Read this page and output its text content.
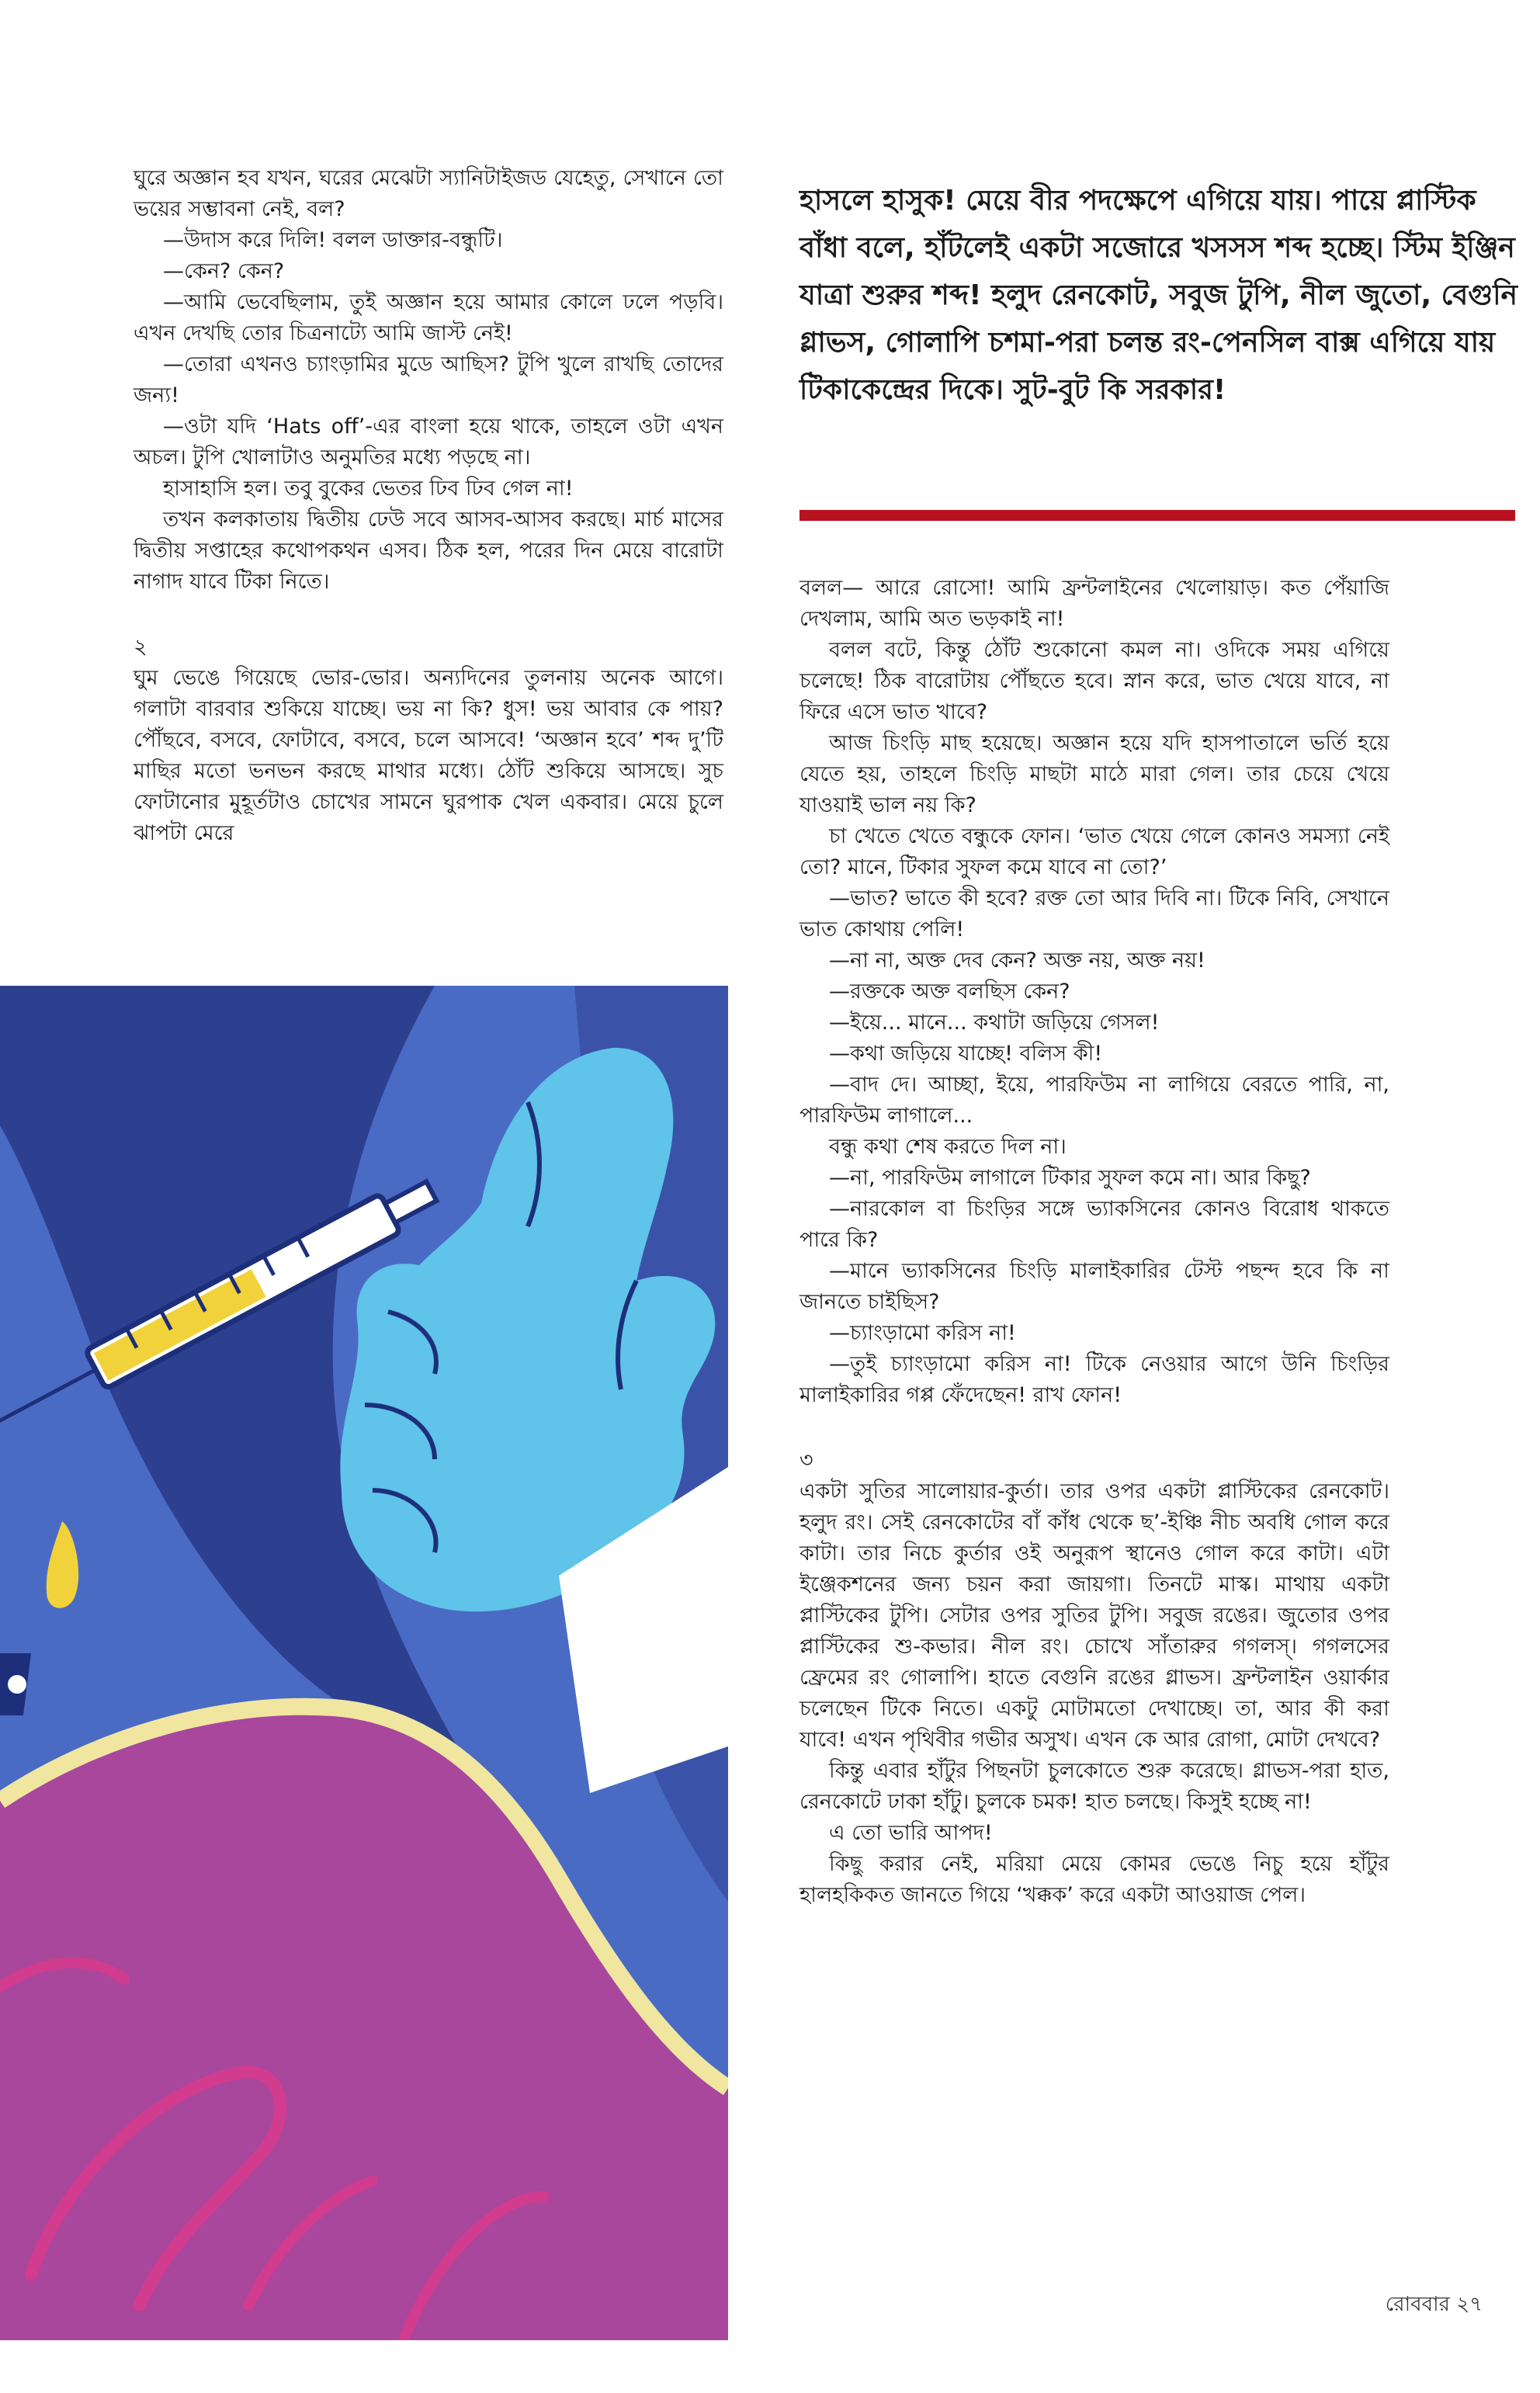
হাসলে হাসুক! মেয়ে বীর পদক্ষেপে এগিয়ে যায়। পায়ে প্লাস্টিক বাঁধা বলে, হাঁটলেই একটা সজোরে খসসস শব্দ হচ্ছে। স্টিম ইঞ্জিন যাত্রা শুরুর শব্দ! হলুদ রেনকোট, সবুজ টুপি, নীল জুতো, বেগুনি গ্লাভস, গোলাপি চশমা-পরা চলন্ত রং-পেনসিল বাক্স এগিয়ে যায় টিকাকেন্দ্রের দিকে। সুট-বুট কি সরকার!

ঘুরে অজ্ঞান হব যখন, ঘরের মেঝেটা স্যানিটাইজড যেহেতু, সেখানে তো ভয়ের সম্ভাবনা নেই, বল?

—উদাস করে দিলি! বলল ডাক্তার-বন্ধুটি।

—কেন? কেন?

—আমি ভেবেছিলাম, তুই অজ্ঞান হয়ে আমার কোলে ঢলে পড়বি। এখন দেখছি তোর চিত্রনাট্যে আমি জাস্ট নেই!

—তোরা এখনও চ্যাংড়ামির মুডে আছিস? টুপি খুলে রাখছি তোদের জন্য!

—ওটা যদি ‘Hats off’-এর বাংলা হয়ে থাকে, তাহলে ওটা এখন অচল। টুপি খোলাটাও অনুমতির মধ্যে পড়ছে না।

হাসাহাসি হল। তবু বুকের ভেতর ঢিব ঢিব গেল না!

তখন কলকাতায় দ্বিতীয় ঢেউ সবে আসব-আসব করছে। মার্চ মাসের দ্বিতীয় সপ্তাহের কথোপকথন এসব। ঠিক হল, পরের দিন মেয়ে বারোটা নাগাদ যাবে টিকা নিতে।

২

ঘুম ভেঙে গিয়েছে ভোর-ভোর। অন্যদিনের তুলনায় অনেক আগে। গলাটা বারবার শুকিয়ে যাচ্ছে। ভয় না কি? ধুস! ভয় আবার কে পায়? পৌঁছবে, বসবে, ফোটাবে, বসবে, চলে আসবে! ‘অজ্ঞান হবে’ শব্দ দু’টি মাছির মতো ভনভন করছে মাথার মধ্যে। ঠোঁট শুকিয়ে আসছে। সুচ ফোটানোর মুহূর্তটাও চোখের সামনে ঘুরপাক খেল একবার। মেয়ে চুলে ঝাপটা মেরে

বলল— আরে রোসো! আমি ফ্রন্টলাইনের খেলোয়াড়। কত পেঁয়াজি দেখলাম, আমি অত ভড়কাই না!

বলল বটে, কিন্তু ঠোঁট শুকোনো কমল না। ওদিকে সময় এগিয়ে চলেছে! ঠিক বারোটায় পৌঁছতে হবে। স্নান করে, ভাত খেয়ে যাবে, না ফিরে এসে ভাত খাবে?

আজ চিংড়ি মাছ হয়েছে। অজ্ঞান হয়ে যদি হাসপাতালে ভর্তি হয়ে যেতে হয়, তাহলে চিংড়ি মাছটা মাঠে মারা গেল। তার চেয়ে খেয়ে যাওয়াই ভাল নয় কি?

চা খেতে খেতে বন্ধুকে ফোন। ‘ভাত খেয়ে গেলে কোনও সমস্যা নেই তো? মানে, টিকার সুফল কমে যাবে না তো?’

—ভাত? ভাতে কী হবে? রক্ত তো আর দিবি না। টিকে নিবি, সেখানে ভাত কোথায় পেলি!

—না না, অক্ত দেব কেন? অক্ত নয়, অক্ত নয়!

—রক্তকে অক্ত বলছিস কেন?

—ইয়ে... মানে... কথাটা জড়িয়ে গেসল!

—কথা জড়িয়ে যাচ্ছে! বলিস কী!

—বাদ দে। আচ্ছা, ইয়ে, পারফিউম না লাগিয়ে বেরতে পারি, না, পারফিউম লাগালে...

বন্ধু কথা শেষ করতে দিল না।

—না, পারফিউম লাগালে টিকার সুফল কমে না। আর কিছু?

—নারকোল বা চিংড়ির সঙ্গে ভ্যাকসিনের কোনও বিরোধ থাকতে পারে কি?

—মানে ভ্যাকসিনের চিংড়ি মালাইকারির টেস্ট পছন্দ হবে কি না জানতে চাইছিস?

—চ্যাংড়ামো করিস না!

—তুই চ্যাংড়ামো করিস না! টিকে নেওয়ার আগে উনি চিংড়ির মালাইকারির গপ্প ফেঁদেছেন! রাখ ফোন!

৩

একটা সুতির সালোয়ার-কুর্তা। তার ওপর একটা প্লাস্টিকের রেনকোট। হলুদ রং। সেই রেনকোটের বাঁ কাঁধ থেকে ছ’-ইঞ্চি নীচ অবধি গোল করে কাটা। তার নিচে কুর্তার ওই অনুরূপ স্থানেও গোল করে কাটা। এটা ইঞ্জেকশনের জন্য চয়ন করা জায়গা। তিনটে মাস্ক। মাথায় একটা প্লাস্টিকের টুপি। সেটার ওপর সুতির টুপি। সবুজ রঙের। জুতোর ওপর প্লাস্টিকের শু-কভার। নীল রং। চোখে সাঁতারুর গগলস্। গগলসের ফ্রেমের রং গোলাপি। হাতে বেগুনি রঙের গ্লাভস। ফ্রন্টলাইন ওয়ার্কার চলেছেন টিকে নিতে। একটু মোটামতো দেখাচ্ছে। তা, আর কী করা যাবে! এখন পৃথিবীর গভীর অসুখ। এখন কে আর রোগা, মোটা দেখবে?

কিন্তু এবার হাঁটুর পিছনটা চুলকোতে শুরু করেছে। গ্লাভস-পরা হাত, রেনকোটে ঢাকা হাঁটু। চুলকে চমক! হাত চলছে। কিসুই হচ্ছে না!

এ তো ভারি আপদ!

কিছু করার নেই, মরিয়া মেয়ে কোমর ভেঙে নিচু হয়ে হাঁটুর হালহকিকত জানতে গিয়ে ‘খক্কক’ করে একটা আওয়াজ পেল।

রোববার ২৭
